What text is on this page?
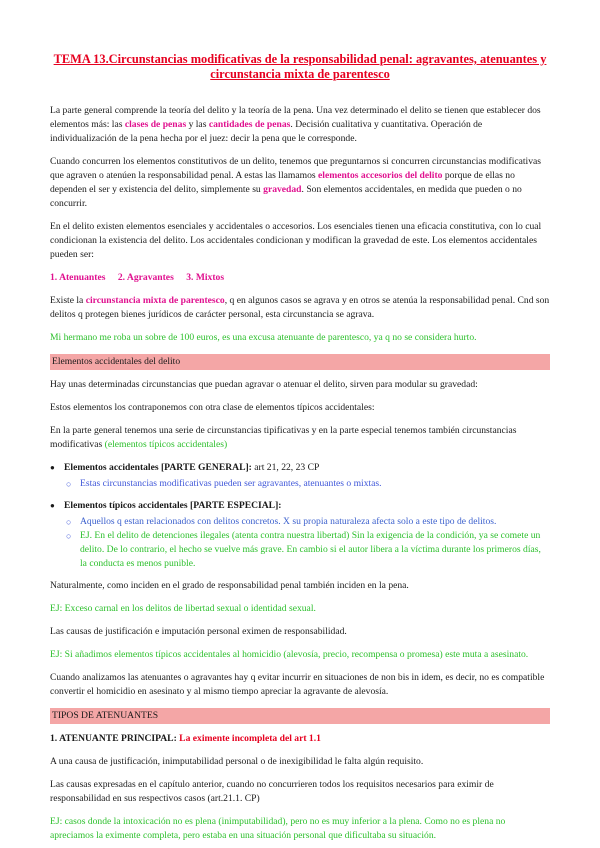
TEMA 13.Circunstancias modificativas de la responsabilidad penal: agravantes, atenuantes y circunstancia mixta de parentesco

La parte general comprende la teoría del delito y la teoría de la pena. Una vez determinado el delito se tienen que establecer dos elementos más: las clases de penas y las cantidades de penas. Decisión cualitativa y cuantitativa. Operación de individualización de la pena hecha por el juez: decir la pena que le corresponde.

Cuando concurren los elementos constitutivos de un delito, tenemos que preguntarnos si concurren circunstancias modificativas que agraven o atenúen la responsabilidad penal. A estas las llamamos elementos accesorios del delito porque de ellas no dependen el ser y existencia del delito, simplemente su gravedad. Son elementos accidentales, en medida que pueden o no concurrir.

En el delito existen elementos esenciales y accidentales o accesorios. Los esenciales tienen una eficacia constitutiva, con lo cual condicionan la existencia del delito. Los accidentales condicionan y modifican la gravedad de este. Los elementos accidentales pueden ser:

1. Atenuantes 2. Agravantes 3. Mixtos

Existe la circunstancia mixta de parentesco, q en algunos casos se agrava y en otros se atenúa la responsabilidad penal. Cnd son delitos q protegen bienes jurídicos de carácter personal, esta circunstancia se agrava.

Mi hermano me roba un sobre de 100 euros, es una excusa atenuante de parentesco, ya q no se considera hurto.

Elementos accidentales del delito

Hay unas determinadas circunstancias que puedan agravar o atenuar el delito, sirven para modular su gravedad:

Estos elementos los contraponemos con otra clase de elementos típicos accidentales:

En la parte general tenemos una serie de circunstancias tipificativas y en la parte especial tenemos también circunstancias modificativas (elementos típicos accidentales)

● Elementos accidentales [PARTE GENERAL]: art 21, 22, 23 CP
○ Estas circunstancias modificativas pueden ser agravantes, atenuantes o mixtas.
● Elementos típicos accidentales [PARTE ESPECIAL]:
○ Aquellos q estan relacionados con delitos concretos. X su propia naturaleza afecta solo a este tipo de delitos.
○ EJ. En el delito de detenciones ilegales (atenta contra nuestra libertad) Sin la exigencia de la condición, ya se comete un delito. De lo contrario, el hecho se vuelve más grave. En cambio si el autor libera a la víctima durante los primeros días, la conducta es menos punible.

Naturalmente, como inciden en el grado de responsabilidad penal también inciden en la pena.

EJ: Exceso carnal en los delitos de libertad sexual o identidad sexual.

Las causas de justificación e imputación personal eximen de responsabilidad.

EJ: Si añadimos elementos típicos accidentales al homicidio (alevosía, precio, recompensa o promesa) este muta a asesinato.

Cuando analizamos las atenuantes o agravantes hay q evitar incurrir en situaciones de non bis in idem, es decir, no es compatible convertir el homicidio en asesinato y al mismo tiempo apreciar la agravante de alevosía.

TIPOS DE ATENUANTES
1. ATENUANTE PRINCIPAL: La eximente incompleta del art 1.1

A una causa de justificación, inimputabilidad personal o de inexigibilidad le falta algún requisito.

Las causas expresadas en el capítulo anterior, cuando no concurrieren todos los requisitos necesarios para eximir de responsabilidad en sus respectivos casos (art.21.1. CP)

EJ: casos donde la intoxicación no es plena (inimputabilidad), pero no es muy inferior a la plena. Como no es plena no apreciamos la eximente completa, pero estaba en una situación personal que dificultaba su situación.
